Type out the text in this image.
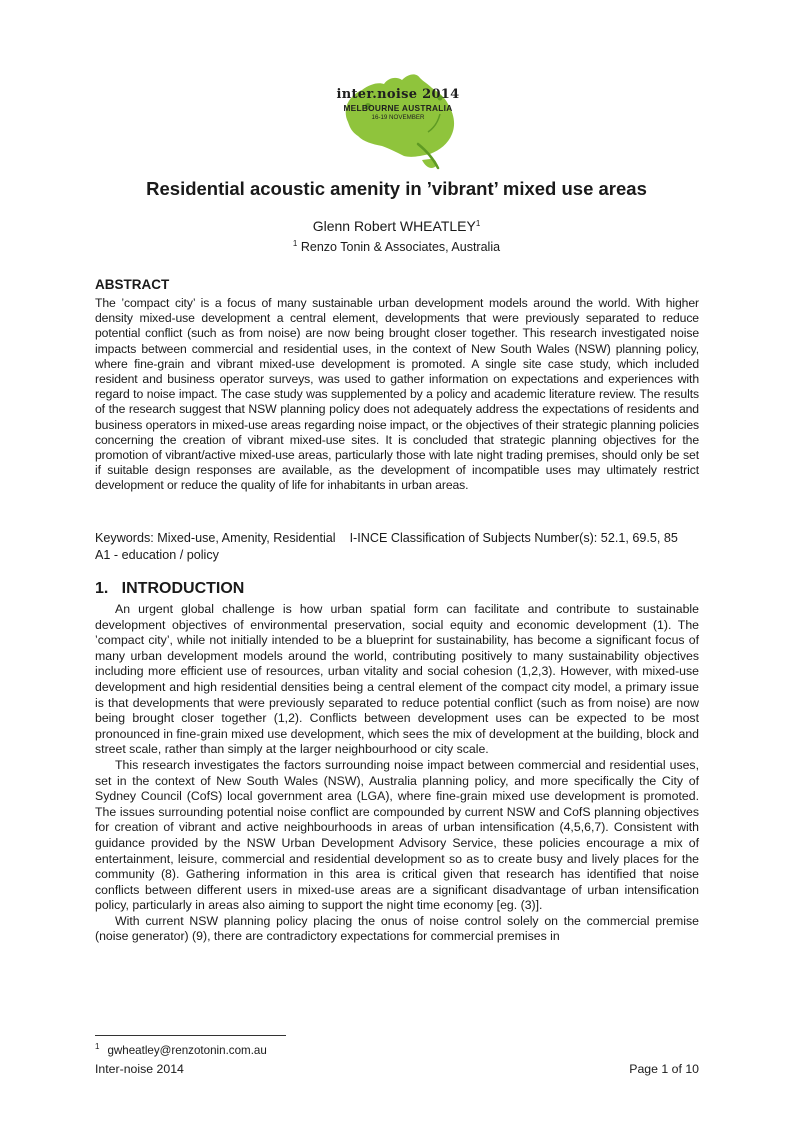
inter.noise 2014
MELBOURNE AUSTRALIA
16-19 NOVEMBER
Residential acoustic amenity in ’vibrant’ mixed use areas
Glenn Robert WHEATLEY$^1$
$^1$ Renzo Tonin & Associates, Australia
ABSTRACT

The ’compact city’ is a focus of many sustainable urban development models around the world. With higher density mixed-use development a central element, developments that were previously separated to reduce potential conflict (such as from noise) are now being brought closer together. This research investigated noise impacts between commercial and residential uses, in the context of New South Wales (NSW) planning policy, where fine-grain and vibrant mixed-use development is promoted. A single site case study, which included resident and business operator surveys, was used to gather information on expectations and experiences with regard to noise impact. The case study was supplemented by a policy and academic literature review. The results of the research suggest that NSW planning policy does not adequately address the expectations of residents and business operators in mixed-use areas regarding noise impact, or the objectives of their strategic planning policies concerning the creation of vibrant mixed-use sites. It is concluded that strategic planning objectives for the promotion of vibrant/active mixed-use areas, particularly those with late night trading premises, should only be set if suitable design responses are available, as the development of incompatible uses may ultimately restrict development or reduce the quality of life for inhabitants in urban areas.

Keywords: Mixed-use, Amenity, Residential I-INCE Classification of Subjects Number(s): 52.1, 69.5, 85
A1 - education / policy
1.   INTRODUCTION

An urgent global challenge is how urban spatial form can facilitate and contribute to sustainable development objectives of environmental preservation, social equity and economic development (1). The ’compact city’, while not initially intended to be a blueprint for sustainability, has become a significant focus of many urban development models around the world, contributing positively to many sustainability objectives including more efficient use of resources, urban vitality and social cohesion (1,2,3). However, with mixed-use development and high residential densities being a central element of the compact city model, a primary issue is that developments that were previously separated to reduce potential conflict (such as from noise) are now being brought closer together (1,2). Conflicts between development uses can be expected to be most pronounced in fine-grain mixed use development, which sees the mix of development at the building, block and street scale, rather than simply at the larger neighbourhood or city scale.

This research investigates the factors surrounding noise impact between commercial and residential uses, set in the context of New South Wales (NSW), Australia planning policy, and more specifically the City of Sydney Council (CofS) local government area (LGA), where fine-grain mixed use development is promoted. The issues surrounding potential noise conflict are compounded by current NSW and CofS planning objectives for creation of vibrant and active neighbourhoods in areas of urban intensification (4,5,6,7). Consistent with guidance provided by the NSW Urban Development Advisory Service, these policies encourage a mix of entertainment, leisure, commercial and residential development so as to create busy and lively places for the community (8). Gathering information in this area is critical given that research has identified that noise conflicts between different users in mixed-use areas are a significant disadvantage of urban intensification policy, particularly in areas also aiming to support the night time economy [eg. (3)].

With current NSW planning policy placing the onus of noise control solely on the commercial premise (noise generator) (9), there are contradictory expectations for commercial premises in

$^1$ gwheatley@renzotonin.com.au
Inter-noise 2014	Page 1 of 10
